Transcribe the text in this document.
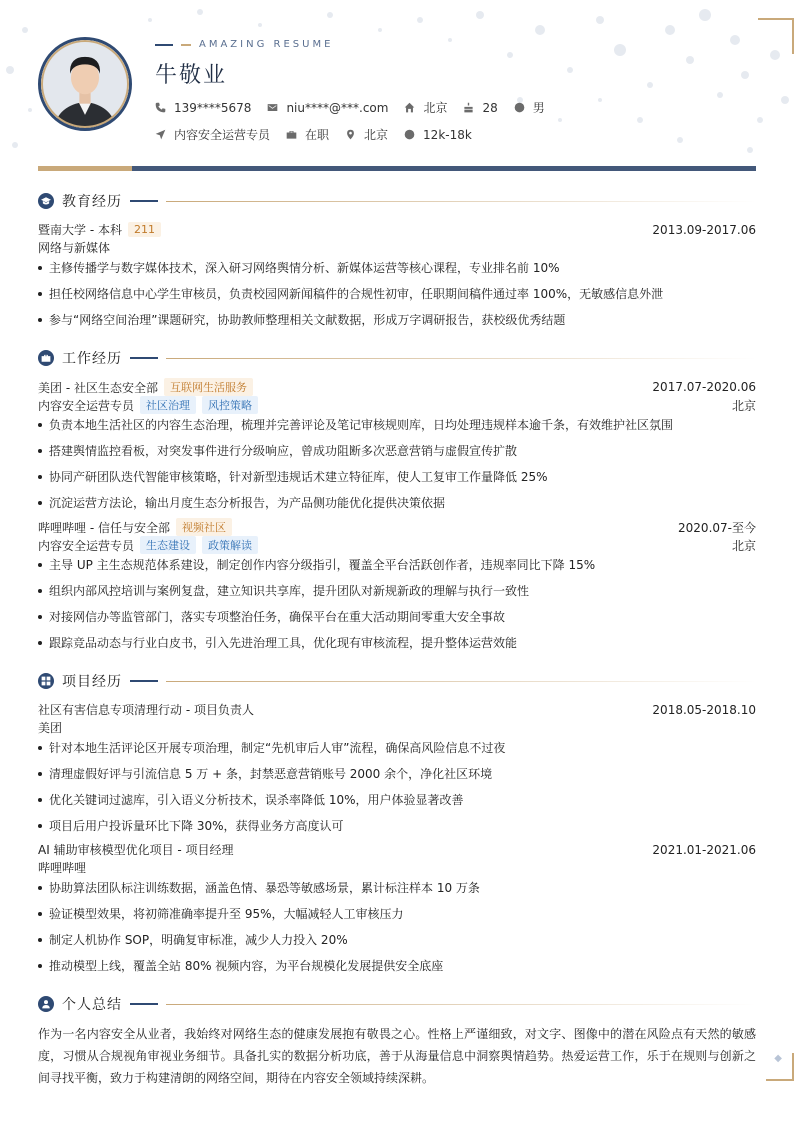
◆
AMAZING RESUME
牛敬业
139****5678	niu****@***.com	北京	28	男
内容安全运营专员	在职	北京	12k-18k
教育经历
暨南大学 - 本科	211	2013.09-2017.06
网络与新媒体
主修传播学与数字媒体技术，深入研习网络舆情分析、新媒体运营等核心课程，专业排名前 10%
担任校网络信息中心学生审核员，负责校园网新闻稿件的合规性初审，任职期间稿件通过率 100%，无敏感信息外泄
参与“网络空间治理”课题研究，协助教师整理相关文献数据，形成万字调研报告，获校级优秀结题
工作经历
美团 - 社区生态安全部	互联网生活服务	2017.07-2020.06
内容安全运营专员	社区治理	风控策略	北京
负责本地生活社区的内容生态治理，梳理并完善评论及笔记审核规则库，日均处理违规样本逾千条，有效维护社区氛围
搭建舆情监控看板，对突发事件进行分级响应，曾成功阻断多次恶意营销与虚假宣传扩散
协同产研团队迭代智能审核策略，针对新型违规话术建立特征库，使人工复审工作量降低 25%
沉淀运营方法论，输出月度生态分析报告，为产品侧功能优化提供决策依据
哔哩哔哩 - 信任与安全部	视频社区	2020.07-至今
内容安全运营专员	生态建设	政策解读	北京
主导 UP 主生态规范体系建设，制定创作内容分级指引，覆盖全平台活跃创作者，违规率同比下降 15%
组织内部风控培训与案例复盘，建立知识共享库，提升团队对新规新政的理解与执行一致性
对接网信办等监管部门，落实专项整治任务，确保平台在重大活动期间零重大安全事故
跟踪竞品动态与行业白皮书，引入先进治理工具，优化现有审核流程，提升整体运营效能
项目经历
社区有害信息专项清理行动 - 项目负责人	2018.05-2018.10
美团
针对本地生活评论区开展专项治理，制定“先机审后人审”流程，确保高风险信息不过夜
清理虚假好评与引流信息 5 万 + 条，封禁恶意营销账号 2000 余个，净化社区环境
优化关键词过滤库，引入语义分析技术，误杀率降低 10%，用户体验显著改善
项目后用户投诉量环比下降 30%，获得业务方高度认可
AI 辅助审核模型优化项目 - 项目经理	2021.01-2021.06
哔哩哔哩
协助算法团队标注训练数据，涵盖色情、暴恐等敏感场景，累计标注样本 10 万条
验证模型效果，将初筛准确率提升至 95%，大幅减轻人工审核压力
制定人机协作 SOP，明确复审标准，减少人力投入 20%
推动模型上线，覆盖全站 80% 视频内容，为平台规模化发展提供安全底座
个人总结
作为一名内容安全从业者，我始终对网络生态的健康发展抱有敬畏之心。性格上严谨细致，对文字、图像中的潜在风险点有天然的敏感度，习惯从合规视角审视业务细节。具备扎实的数据分析功底，善于从海量信息中洞察舆情趋势。热爱运营工作，乐于在规则与创新之间寻找平衡，致力于构建清朗的网络空间，期待在内容安全领域持续深耕。
